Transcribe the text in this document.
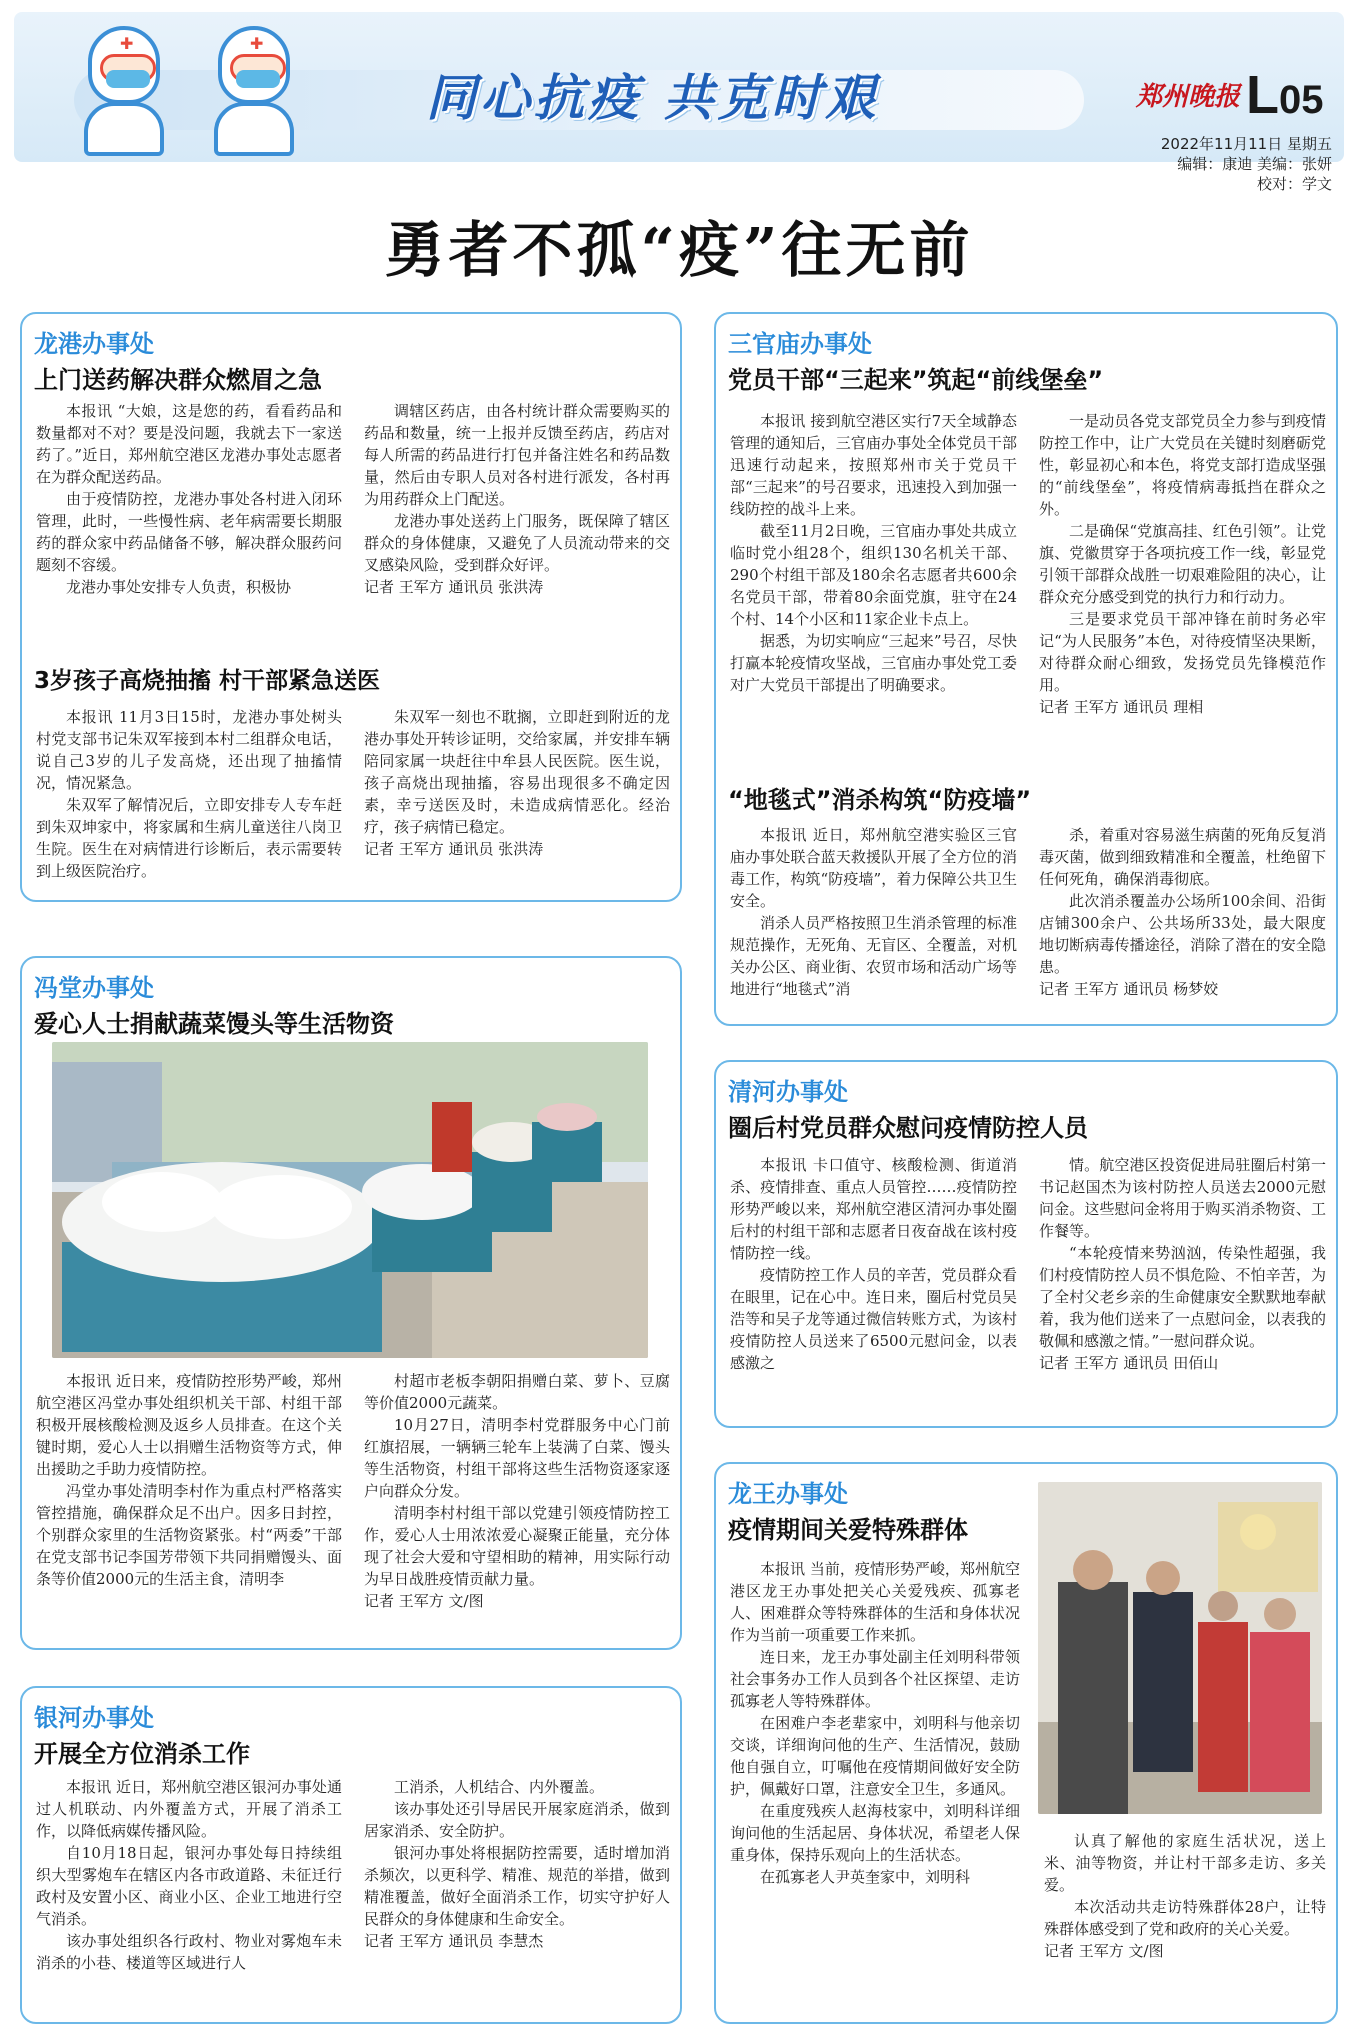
✚	✚
同心抗疫 共克时艰	郑州晚报 L05
2022年11月11日 星期五
编辑：康迪 美编：张妍
校对：学文
勇者不孤“疫”往无前
龙港办事处
上门送药解决群众燃眉之急

本报讯 “大娘，这是您的药，看看药品和数量都对不对？要是没问题，我就去下一家送药了。”近日，郑州航空港区龙港办事处志愿者在为群众配送药品。

由于疫情防控，龙港办事处各村进入闭环管理，此时，一些慢性病、老年病需要长期服药的群众家中药品储备不够，解决群众服药问题刻不容缓。

龙港办事处安排专人负责，积极协

调辖区药店，由各村统计群众需要购买的药品和数量，统一上报并反馈至药店，药店对每人所需的药品进行打包并备注姓名和药品数量，然后由专职人员对各村进行派发，各村再为用药群众上门配送。

龙港办事处送药上门服务，既保障了辖区群众的身体健康，又避免了人员流动带来的交叉感染风险，受到群众好评。

记者 王军方 通讯员 张洪涛

3岁孩子高烧抽搐 村干部紧急送医

本报讯 11月3日15时，龙港办事处树头村党支部书记朱双军接到本村二组群众电话，说自己3岁的儿子发高烧，还出现了抽搐情况，情况紧急。

朱双军了解情况后，立即安排专人专车赶到朱双坤家中，将家属和生病儿童送往八岗卫生院。医生在对病情进行诊断后，表示需要转到上级医院治疗。

朱双军一刻也不耽搁，立即赶到附近的龙港办事处开转诊证明，交给家属，并安排车辆陪同家属一块赶往中牟县人民医院。医生说，孩子高烧出现抽搐，容易出现很多不确定因素，幸亏送医及时，未造成病情恶化。经治疗，孩子病情已稳定。

记者 王军方 通讯员 张洪涛

三官庙办事处
党员干部“三起来”筑起“前线堡垒”

本报讯 接到航空港区实行7天全域静态管理的通知后，三官庙办事处全体党员干部迅速行动起来，按照郑州市关于党员干部“三起来”的号召要求，迅速投入到加强一线防控的战斗上来。

截至11月2日晚，三官庙办事处共成立临时党小组28个，组织130名机关干部、290个村组干部及180余名志愿者共600余名党员干部，带着80余面党旗，驻守在24个村、14个小区和11家企业卡点上。

据悉，为切实响应“三起来”号召，尽快打赢本轮疫情攻坚战，三官庙办事处党工委对广大党员干部提出了明确要求。

一是动员各党支部党员全力参与到疫情防控工作中，让广大党员在关键时刻磨砺党性，彰显初心和本色，将党支部打造成坚强的“前线堡垒”，将疫情病毒抵挡在群众之外。

二是确保“党旗高挂、红色引领”。让党旗、党徽贯穿于各项抗疫工作一线，彰显党引领干部群众战胜一切艰难险阻的决心，让群众充分感受到党的执行力和行动力。

三是要求党员干部冲锋在前时务必牢记“为人民服务”本色，对待疫情坚决果断，对待群众耐心细致，发扬党员先锋模范作用。

记者 王军方 通讯员 理相

“地毯式”消杀构筑“防疫墙”

本报讯 近日，郑州航空港实验区三官庙办事处联合蓝天救援队开展了全方位的消毒工作，构筑“防疫墙”，着力保障公共卫生安全。

消杀人员严格按照卫生消杀管理的标准规范操作，无死角、无盲区、全覆盖，对机关办公区、商业街、农贸市场和活动广场等地进行“地毯式”消

杀，着重对容易滋生病菌的死角反复消毒灭菌，做到细致精准和全覆盖，杜绝留下任何死角，确保消毒彻底。

此次消杀覆盖办公场所100余间、沿街店铺300余户、公共场所33处，最大限度地切断病毒传播途径，消除了潜在的安全隐患。

记者 王军方 通讯员 杨梦姣

冯堂办事处
爱心人士捐献蔬菜馒头等生活物资

本报讯 近日来，疫情防控形势严峻，郑州航空港区冯堂办事处组织机关干部、村组干部积极开展核酸检测及返乡人员排查。在这个关键时期，爱心人士以捐赠生活物资等方式，伸出援助之手助力疫情防控。

冯堂办事处清明李村作为重点村严格落实管控措施，确保群众足不出户。因多日封控，个别群众家里的生活物资紧张。村“两委”干部在党支部书记李国芳带领下共同捐赠馒头、面条等价值2000元的生活主食，清明李

村超市老板李朝阳捐赠白菜、萝卜、豆腐等价值2000元蔬菜。

10月27日，清明李村党群服务中心门前红旗招展，一辆辆三轮车上装满了白菜、馒头等生活物资，村组干部将这些生活物资逐家逐户向群众分发。

清明李村村组干部以党建引领疫情防控工作，爱心人士用浓浓爱心凝聚正能量，充分体现了社会大爱和守望相助的精神，用实际行动为早日战胜疫情贡献力量。

记者 王军方 文/图

清河办事处
圈后村党员群众慰问疫情防控人员

本报讯 卡口值守、核酸检测、街道消杀、疫情排查、重点人员管控……疫情防控形势严峻以来，郑州航空港区清河办事处圈后村的村组干部和志愿者日夜奋战在该村疫情防控一线。

疫情防控工作人员的辛苦，党员群众看在眼里，记在心中。连日来，圈后村党员吴浩等和吴子龙等通过微信转账方式，为该村疫情防控人员送来了6500元慰问金，以表感激之

情。航空港区投资促进局驻圈后村第一书记赵国杰为该村防控人员送去2000元慰问金。这些慰问金将用于购买消杀物资、工作餐等。

“本轮疫情来势汹汹，传染性超强，我们村疫情防控人员不惧危险、不怕辛苦，为了全村父老乡亲的生命健康安全默默地奉献着，我为他们送来了一点慰问金，以表我的敬佩和感激之情。”一慰问群众说。

记者 王军方 通讯员 田佰山

银河办事处
开展全方位消杀工作

本报讯 近日，郑州航空港区银河办事处通过人机联动、内外覆盖方式，开展了消杀工作，以降低病媒传播风险。

自10月18日起，银河办事处每日持续组织大型雾炮车在辖区内各市政道路、未征迁行政村及安置小区、商业小区、企业工地进行空气消杀。

该办事处组织各行政村、物业对雾炮车未消杀的小巷、楼道等区域进行人

工消杀，人机结合、内外覆盖。

该办事处还引导居民开展家庭消杀，做到居家消杀、安全防护。

银河办事处将根据防控需要，适时增加消杀频次，以更科学、精准、规范的举措，做到精准覆盖，做好全面消杀工作，切实守护好人民群众的身体健康和生命安全。

记者 王军方 通讯员 李慧杰

龙王办事处
疫情期间关爱特殊群体

本报讯 当前，疫情形势严峻，郑州航空港区龙王办事处把关心关爱残疾、孤寡老人、困难群众等特殊群体的生活和身体状况作为当前一项重要工作来抓。

连日来，龙王办事处副主任刘明科带领社会事务办工作人员到各个社区探望、走访孤寡老人等特殊群体。

在困难户李老辈家中，刘明科与他亲切交谈，详细询问他的生产、生活情况，鼓励他自强自立，叮嘱他在疫情期间做好安全防护，佩戴好口罩，注意安全卫生，多通风。

在重度残疾人赵海枝家中，刘明科详细询问他的生活起居、身体状况，希望老人保重身体，保持乐观向上的生活状态。

在孤寡老人尹英奎家中，刘明科

认真了解他的家庭生活状况，送上米、油等物资，并让村干部多走访、多关爱。

本次活动共走访特殊群体28户，让特殊群体感受到了党和政府的关心关爱。

记者 王军方 文/图
